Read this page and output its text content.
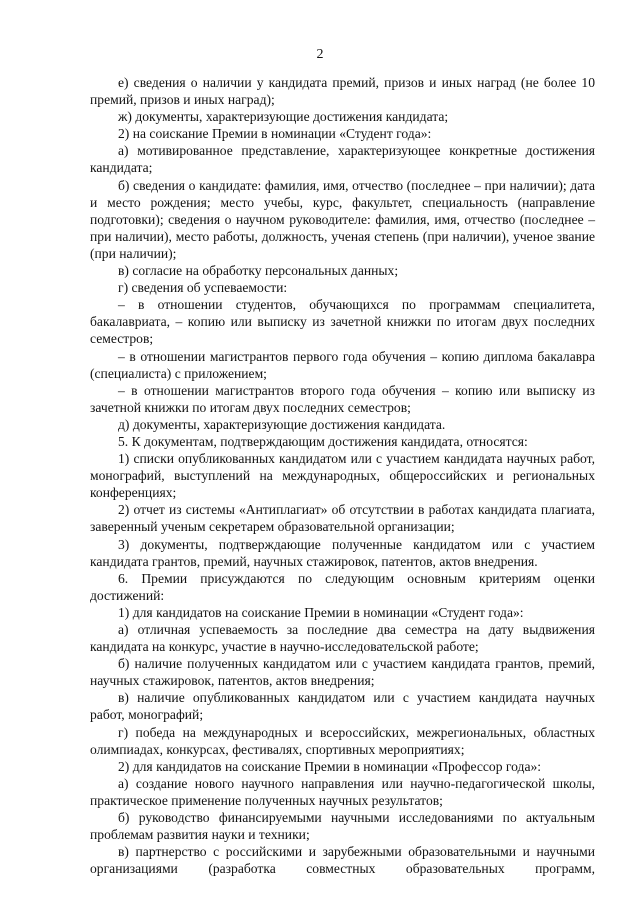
2

е) сведения о наличии у кандидата премий, призов и иных наград (не более 10 премий, призов и иных наград);

ж) документы, характеризующие достижения кандидата;

2) на соискание Премии в номинации «Студент года»:

а) мотивированное представление, характеризующее конкретные достижения кандидата;

б) сведения о кандидате: фамилия, имя, отчество (последнее – при наличии); дата и место рождения; место учебы, курс, факультет, специальность (направление подготовки); сведения о научном руководителе: фамилия, имя, отчество (последнее – при наличии), место работы, должность, ученая степень (при наличии), ученое звание (при наличии);

в) согласие на обработку персональных данных;

г) сведения об успеваемости:

– в отношении студентов, обучающихся по программам специалитета, бакалавриата, – копию или выписку из зачетной книжки по итогам двух последних семестров;

– в отношении магистрантов первого года обучения – копию диплома бакалавра (специалиста) с приложением;

– в отношении магистрантов второго года обучения – копию или выписку из зачетной книжки по итогам двух последних семестров;

д) документы, характеризующие достижения кандидата.

5. К документам, подтверждающим достижения кандидата, относятся:

1) списки опубликованных кандидатом или с участием кандидата научных работ, монографий, выступлений на международных, общероссийских и региональных конференциях;

2) отчет из системы «Антиплагиат» об отсутствии в работах кандидата плагиата, заверенный ученым секретарем образовательной организации;

3) документы, подтверждающие полученные кандидатом или с участием кандидата грантов, премий, научных стажировок, патентов, актов внедрения.

6. Премии присуждаются по следующим основным критериям оценки достижений:

1) для кандидатов на соискание Премии в номинации «Студент года»:

а) отличная успеваемость за последние два семестра на дату выдвижения кандидата на конкурс, участие в научно-исследовательской работе;

б) наличие полученных кандидатом или с участием кандидата грантов, премий, научных стажировок, патентов, актов внедрения;

в) наличие опубликованных кандидатом или с участием кандидата научных работ, монографий;

г) победа на международных и всероссийских, межрегиональных, областных олимпиадах, конкурсах, фестивалях, спортивных мероприятиях;

2) для кандидатов на соискание Премии в номинации «Профессор года»:

а) создание нового научного направления или научно-педагогической школы, практическое применение полученных научных результатов;

б) руководство финансируемыми научными исследованиями по актуальным проблемам развития науки и техники;

в) партнерство с российскими и зарубежными образовательными и научными организациями (разработка совместных образовательных программ,
